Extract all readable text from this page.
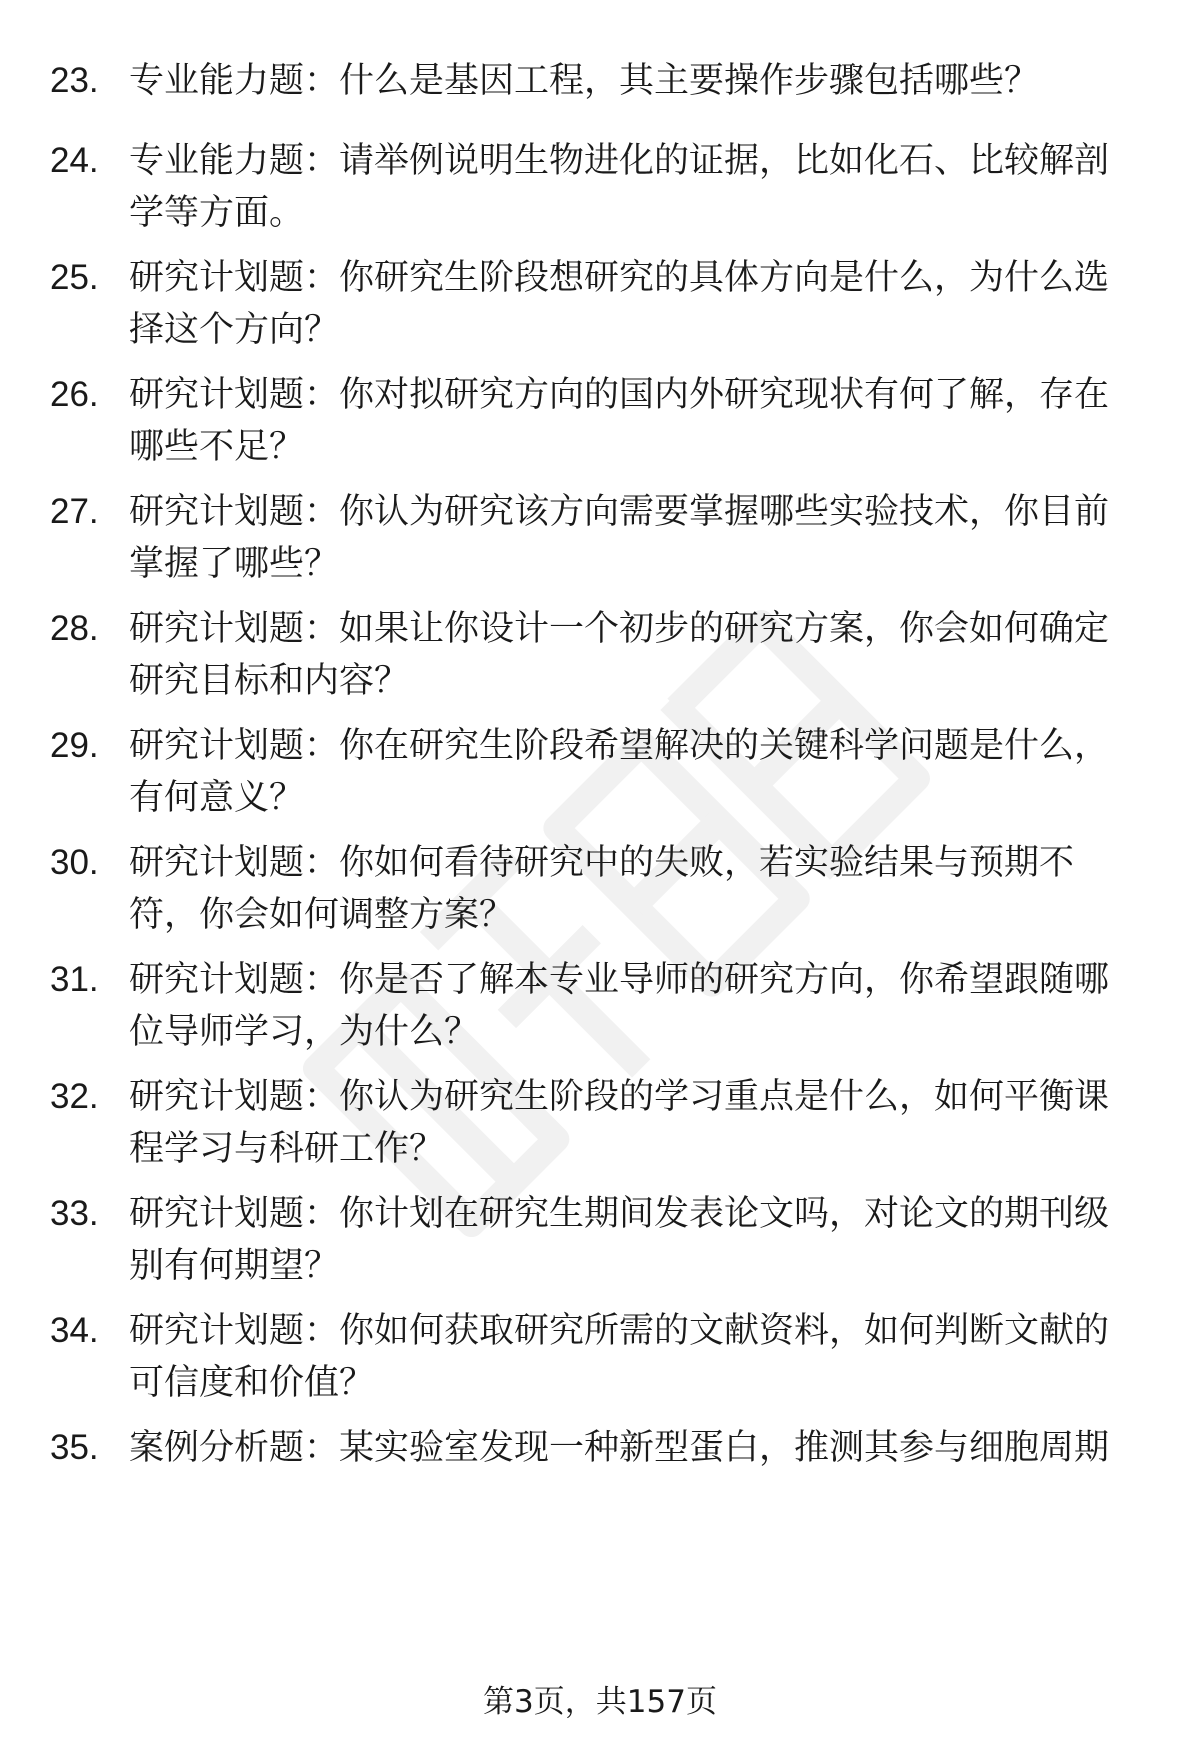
23. 专业能力题：什么是基因工程，其主要操作步骤包括哪些？
24. 专业能力题：请举例说明生物进化的证据，比如化石、比较解剖
学等方面。
25. 研究计划题：你研究生阶段想研究的具体方向是什么，为什么选
择这个方向？
26. 研究计划题：你对拟研究方向的国内外研究现状有何了解，存在
哪些不足？
27. 研究计划题：你认为研究该方向需要掌握哪些实验技术，你目前
掌握了哪些？
28. 研究计划题：如果让你设计一个初步的研究方案，你会如何确定
研究目标和内容？
29. 研究计划题：你在研究生阶段希望解决的关键科学问题是什么，
有何意义？
30. 研究计划题：你如何看待研究中的失败，若实验结果与预期不
符，你会如何调整方案？
31. 研究计划题：你是否了解本专业导师的研究方向，你希望跟随哪
位导师学习，为什么？
32. 研究计划题：你认为研究生阶段的学习重点是什么，如何平衡课
程学习与科研工作？
33. 研究计划题：你计划在研究生期间发表论文吗，对论文的期刊级
别有何期望？
34. 研究计划题：你如何获取研究所需的文献资料，如何判断文献的
可信度和价值？
35. 案例分析题：某实验室发现一种新型蛋白，推测其参与细胞周期
第3页，共157页
